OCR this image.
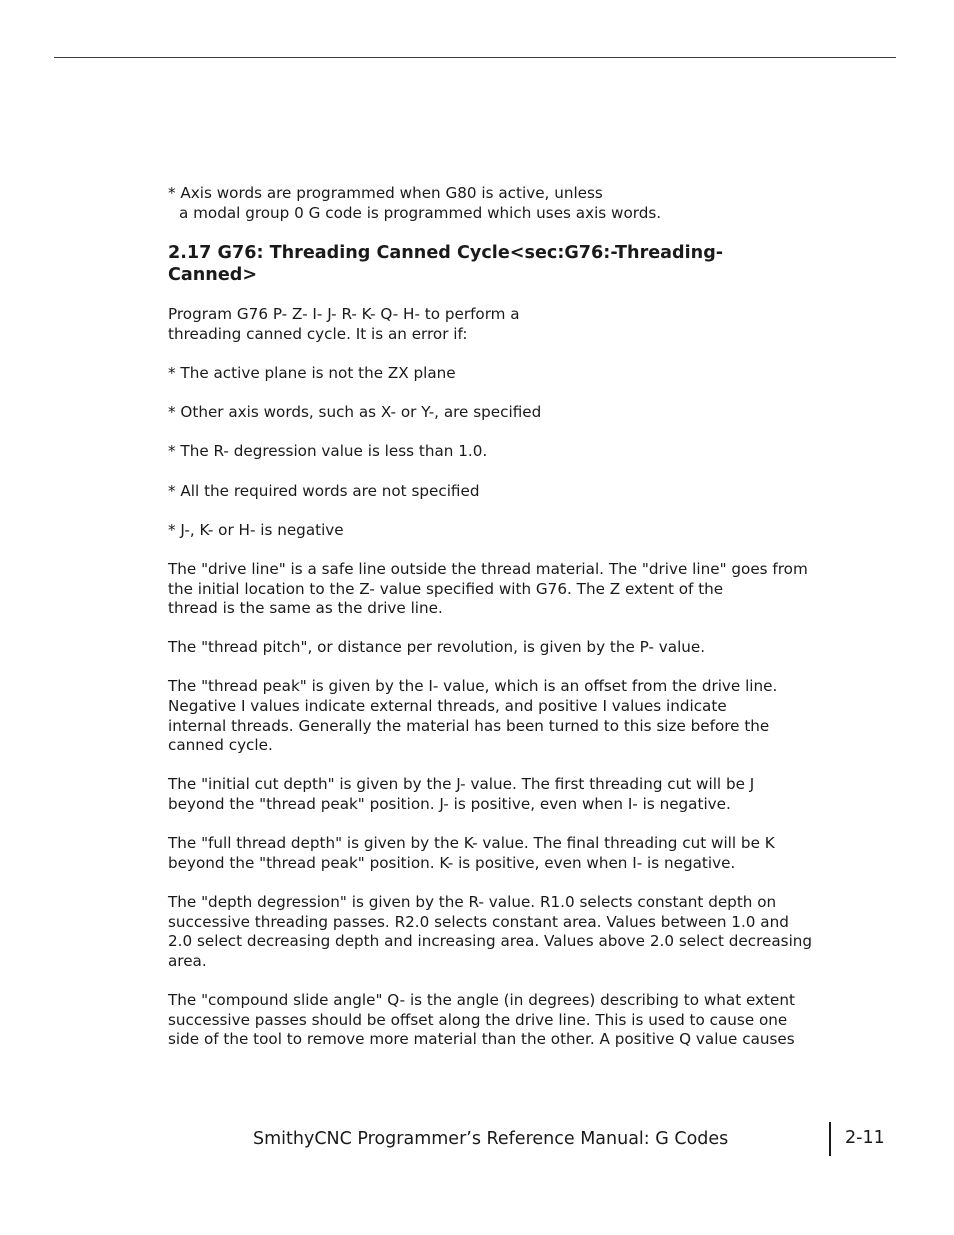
* Axis words are programmed when G80 is active, unless
a modal group 0 G code is programmed which uses axis words.
2.17 G76: Threading Canned Cycle<sec:G76:-Threading-
Canned>
Program G76 P- Z- I- J- R- K- Q- H- to perform a
threading canned cycle. It is an error if:
* The active plane is not the ZX plane
* Other axis words, such as X- or Y-, are specified
* The R- degression value is less than 1.0.
* All the required words are not specified
* J-, K- or H- is negative
The "drive line" is a safe line outside the thread material. The "drive line" goes from
the initial location to the Z- value specified with G76. The Z extent of the
thread is the same as the drive line.
The "thread pitch", or distance per revolution, is given by the P- value.
The "thread peak" is given by the I- value, which is an offset from the drive line.
Negative I values indicate external threads, and positive I values indicate
internal threads. Generally the material has been turned to this size before the
canned cycle.
The "initial cut depth" is given by the J- value. The first threading cut will be J
beyond the "thread peak" position. J- is positive, even when I- is negative.
The "full thread depth" is given by the K- value. The final threading cut will be K
beyond the "thread peak" position. K- is positive, even when I- is negative.
The "depth degression" is given by the R- value. R1.0 selects constant depth on
successive threading passes. R2.0 selects constant area. Values between 1.0 and
2.0 select decreasing depth and increasing area. Values above 2.0 select decreasing
area.
The "compound slide angle" Q- is the angle (in degrees) describing to what extent
successive passes should be offset along the drive line. This is used to cause one
side of the tool to remove more material than the other. A positive Q value causes
SmithyCNC Programmer’s Reference Manual: G Codes	2-11
